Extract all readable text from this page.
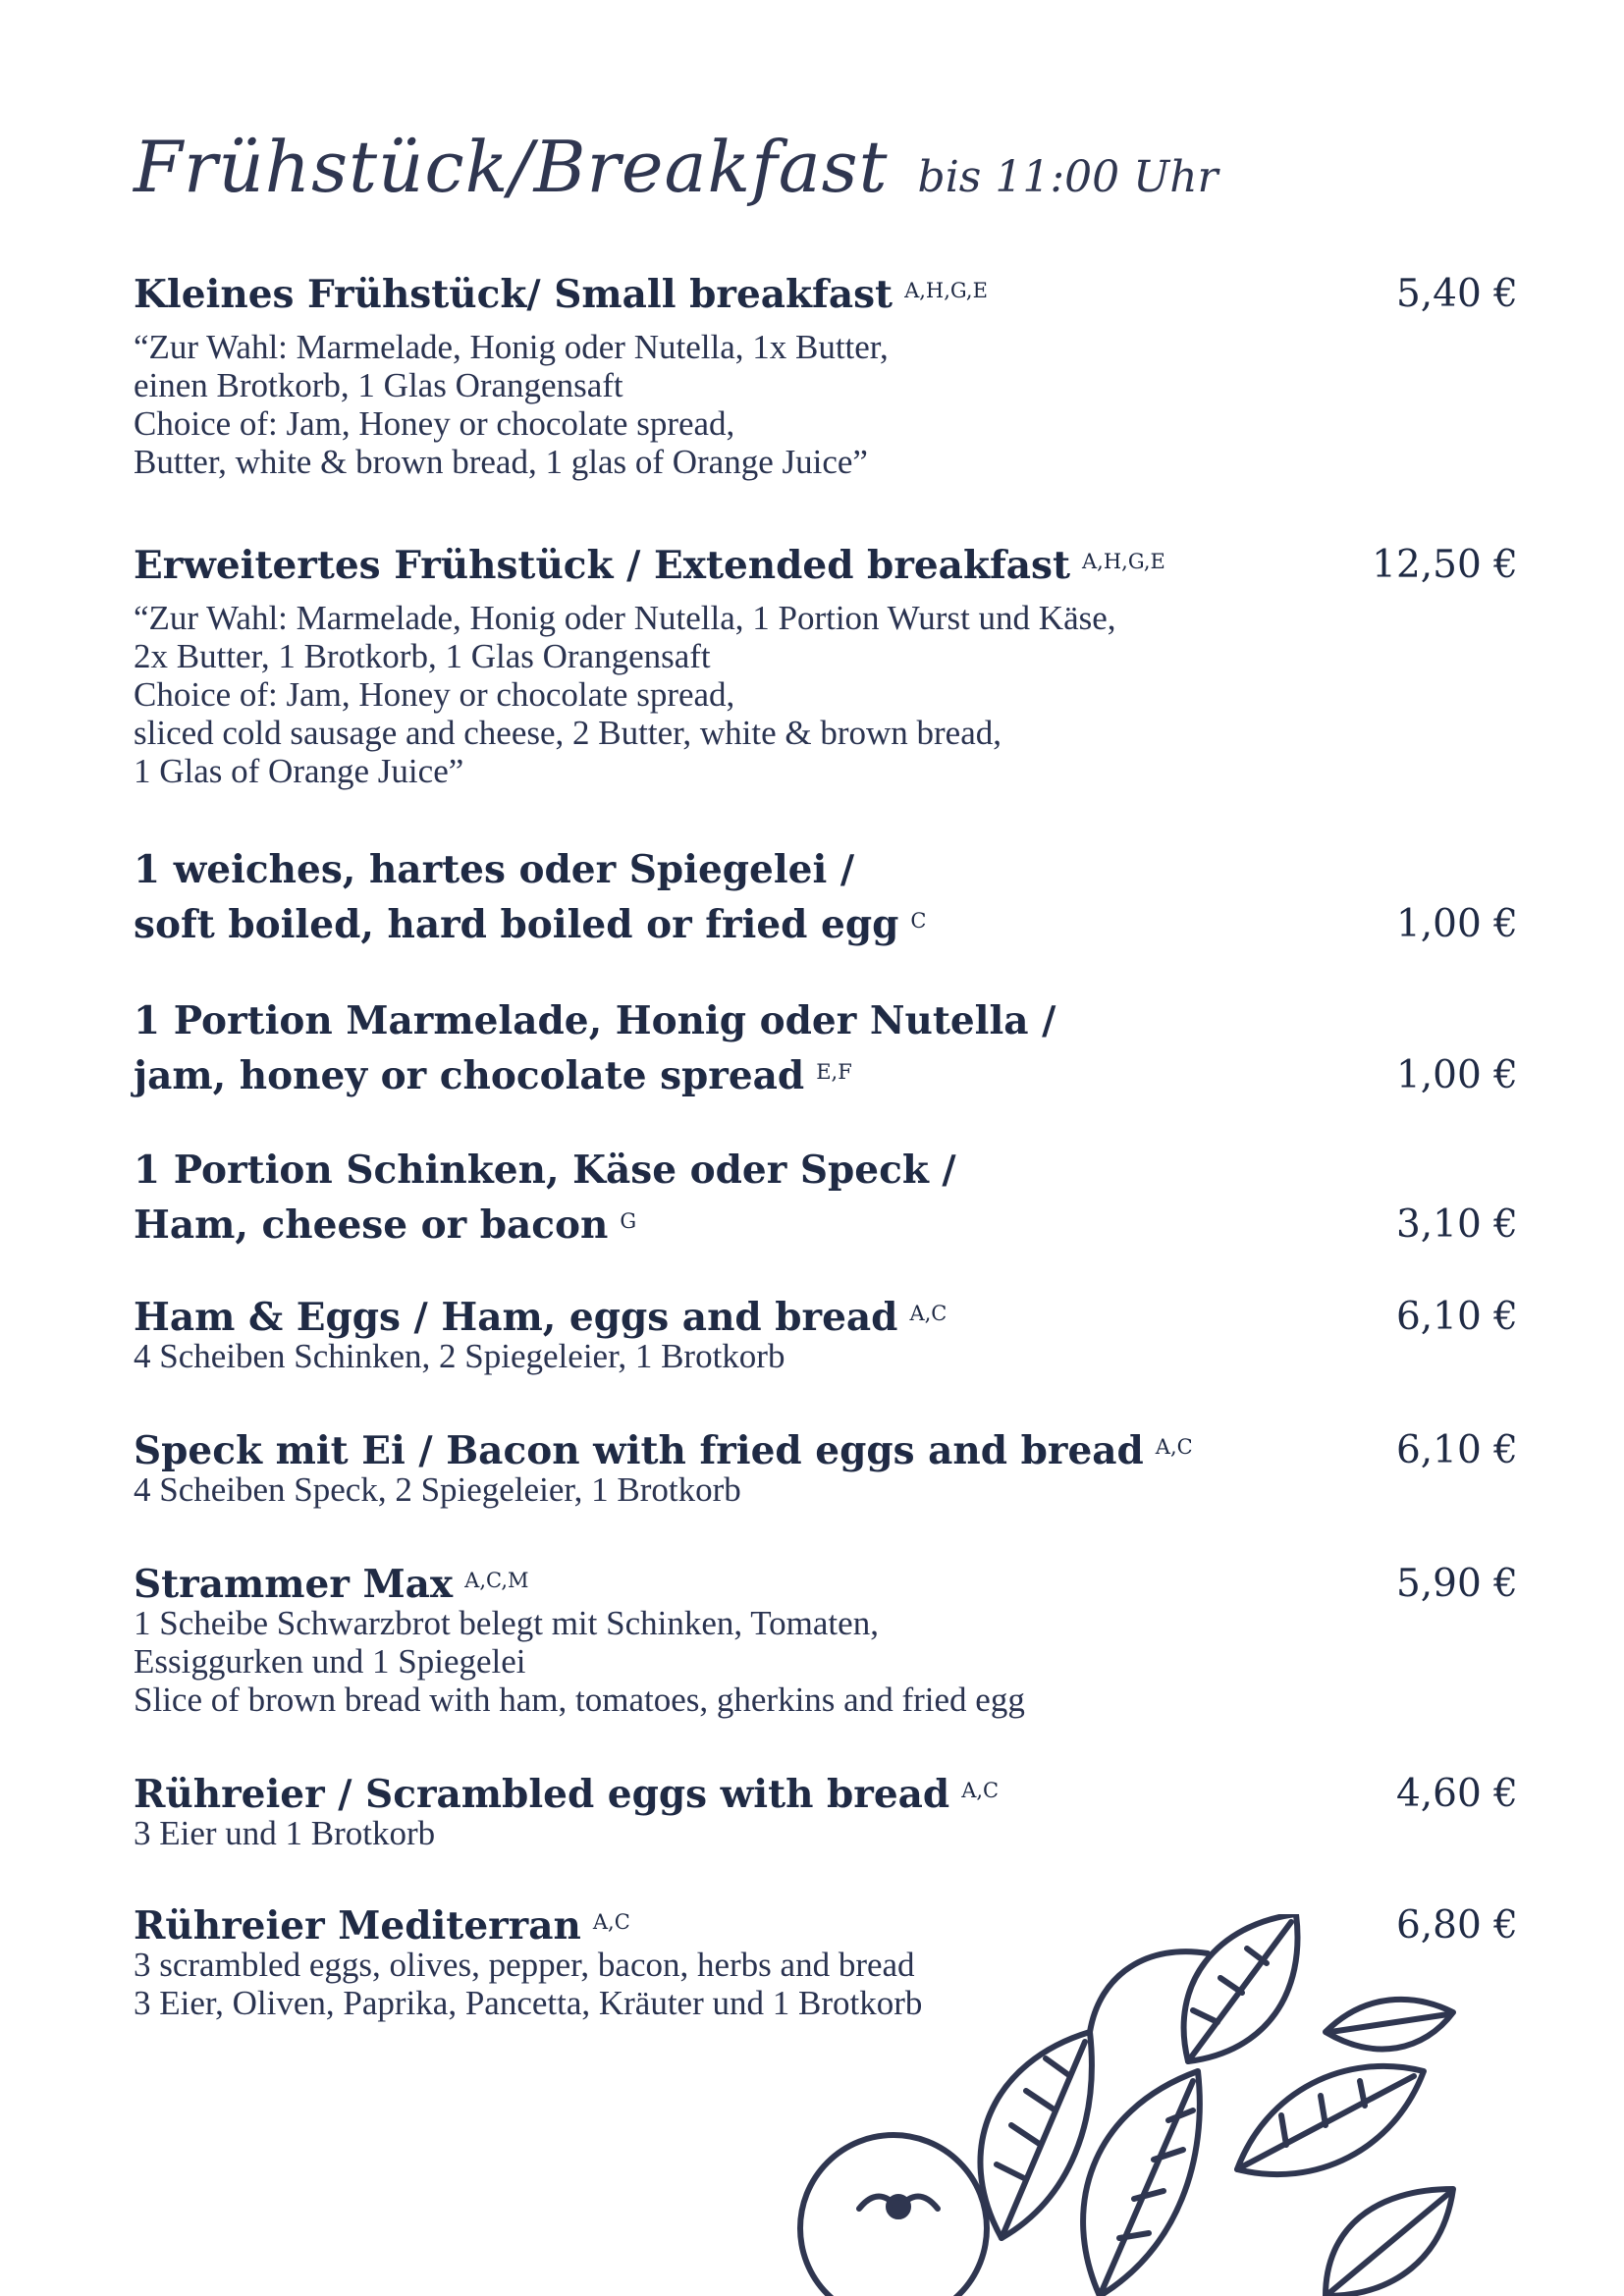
Frühstück/Breakfast bis 11:00 Uhr
5,40 €
Kleines Frühstück/ Small breakfast $^{A,H,G,E}$
“Zur Wahl: Marmelade, Honig oder Nutella, 1x Butter,
einen Brotkorb, 1 Glas Orangensaft
Choice of: Jam, Honey or chocolate spread,
Butter, white & brown bread, 1 glas of Orange Juice”
12,50 €
Erweitertes Frühstück / Extended breakfast $^{A,H,G,E}$
“Zur Wahl: Marmelade, Honig oder Nutella, 1 Portion Wurst und Käse,
2x Butter, 1 Brotkorb, 1 Glas Orangensaft
Choice of: Jam, Honey or chocolate spread,
sliced cold sausage and cheese, 2 Butter, white & brown bread,
1 Glas of Orange Juice”
1,00 €
1 weiches, hartes oder Spiegelei /
soft boiled, hard boiled or fried egg $^C$
1,00 €
1 Portion Marmelade, Honig oder Nutella /
jam, honey or chocolate spread $^{E,F}$
3,10 €
1 Portion Schinken, Käse oder Speck /
Ham, cheese or bacon $^G$
6,10 €
Ham & Eggs / Ham, eggs and bread $^{A,C}$
4 Scheiben Schinken, 2 Spiegeleier, 1 Brotkorb
6,10 €
Speck mit Ei / Bacon with fried eggs and bread $^{A,C}$
4 Scheiben Speck, 2 Spiegeleier, 1 Brotkorb
5,90 €
Strammer Max $^{A,C,M}$
1 Scheibe Schwarzbrot belegt mit Schinken, Tomaten,
Essiggurken und 1 Spiegelei
Slice of brown bread with ham, tomatoes, gherkins and fried egg
4,60 €
Rühreier / Scrambled eggs with bread $^{A,C}$
3 Eier und 1 Brotkorb
6,80 €
Rühreier Mediterran $^{A,C}$
3 scrambled eggs, olives, pepper, bacon, herbs and bread
3 Eier, Oliven, Paprika, Pancetta, Kräuter und 1 Brotkorb
